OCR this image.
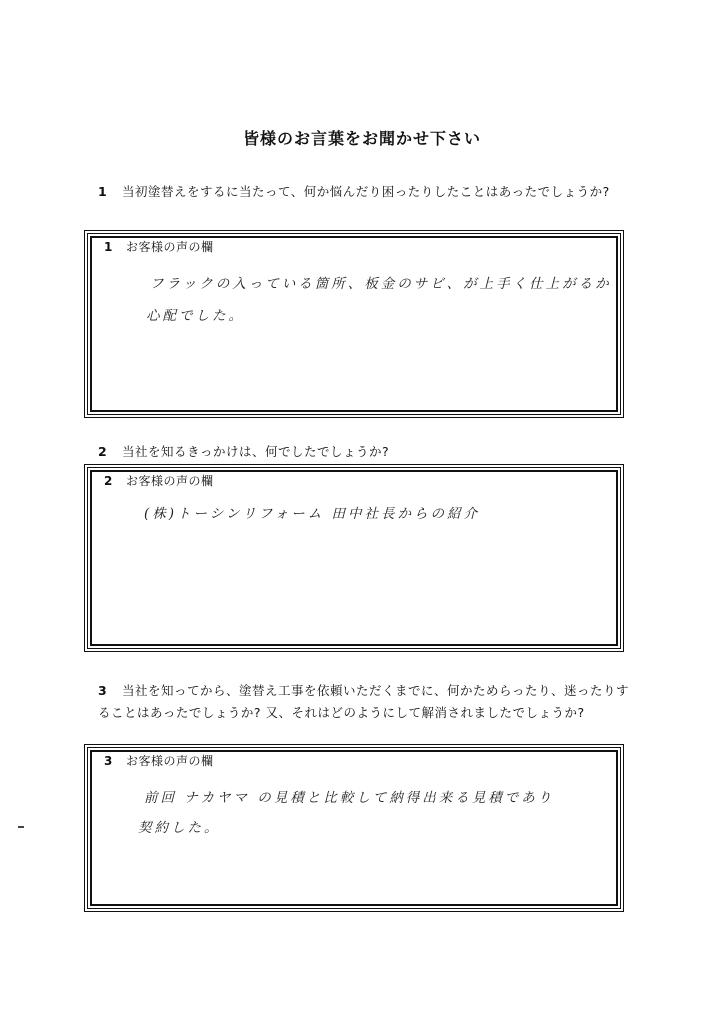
皆様のお言葉をお聞かせ下さい
1 当初塗替えをするに当たって、何か悩んだり困ったりしたことはあったでしょうか?
1 お客様の声の欄
フラックの入っている箇所、板金のサビ、が上手く仕上がるか
心配でした。
2 当社を知るきっかけは、何でしたでしょうか?
2 お客様の声の欄
(株)トーシンリフォーム 田中社長からの紹介
3 当社を知ってから、塗替え工事を依頼いただくまでに、何かためらったり、迷ったりすることはあったでしょうか? 又、それはどのようにして解消されましたでしょうか?
3 お客様の声の欄
前回 ナカヤマ の見積と比較して納得出来る見積であり
契約した。
